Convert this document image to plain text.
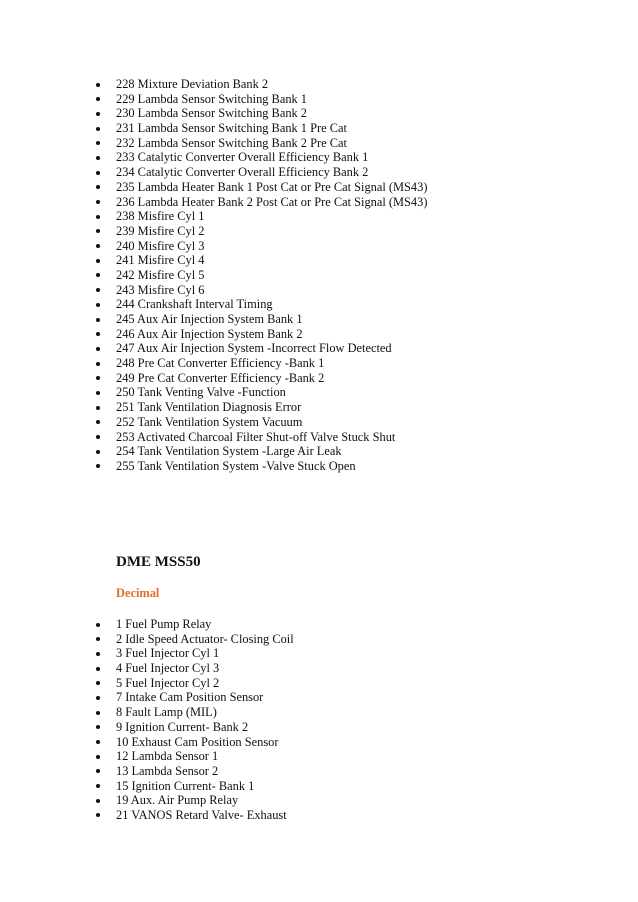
228 Mixture Deviation Bank 2
229 Lambda Sensor Switching Bank 1
230 Lambda Sensor Switching Bank 2
231 Lambda Sensor Switching Bank 1 Pre Cat
232 Lambda Sensor Switching Bank 2 Pre Cat
233 Catalytic Converter Overall Efficiency Bank 1
234 Catalytic Converter Overall Efficiency Bank 2
235 Lambda Heater Bank 1 Post Cat or Pre Cat Signal (MS43)
236 Lambda Heater Bank 2 Post Cat or Pre Cat Signal (MS43)
238 Misfire Cyl 1
239 Misfire Cyl 2
240 Misfire Cyl 3
241 Misfire Cyl 4
242 Misfire Cyl 5
243 Misfire Cyl 6
244 Crankshaft Interval Timing
245 Aux Air Injection System Bank 1
246 Aux Air Injection System Bank 2
247 Aux Air Injection System -Incorrect Flow Detected
248 Pre Cat Converter Efficiency -Bank 1
249 Pre Cat Converter Efficiency -Bank 2
250 Tank Venting Valve -Function
251 Tank Ventilation Diagnosis Error
252 Tank Ventilation System Vacuum
253 Activated Charcoal Filter Shut-off Valve Stuck Shut
254 Tank Ventilation System -Large Air Leak
255 Tank Ventilation System -Valve Stuck Open
DME MSS50
Decimal
1 Fuel Pump Relay
2 Idle Speed Actuator- Closing Coil
3 Fuel Injector Cyl 1
4 Fuel Injector Cyl 3
5 Fuel Injector Cyl 2
7 Intake Cam Position Sensor
8 Fault Lamp (MIL)
9 Ignition Current- Bank 2
10 Exhaust Cam Position Sensor
12 Lambda Sensor 1
13 Lambda Sensor 2
15 Ignition Current- Bank 1
19 Aux. Air Pump Relay
21 VANOS Retard Valve- Exhaust
